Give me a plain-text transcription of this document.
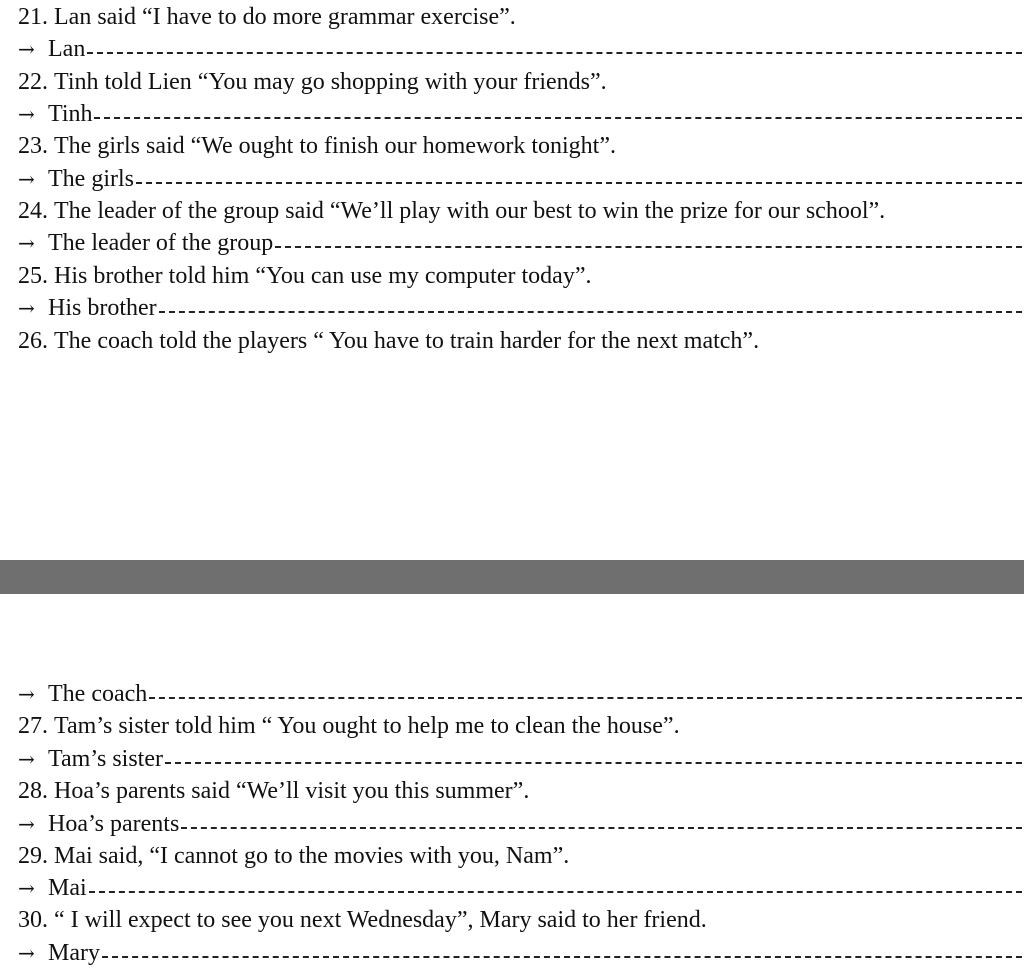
21. Lan said “I have to do more grammar exercise”.
→ Lan
22. Tinh told Lien “You may go shopping with your friends”.
→ Tinh
23. The girls said “We ought to finish our homework tonight”.
→ The girls
24. The leader of the group said “We’ll play with our best to win the prize for our school”.
→ The leader of the group
25. His brother told him “You can use my computer today”.
→ His brother
26. The coach told the players “ You have to train harder for the next match”.
→ The coach
27. Tam’s sister told him “ You ought to help me to clean the house”.
→ Tam’s sister
28. Hoa’s parents said “We’ll visit you this summer”.
→ Hoa’s parents
29. Mai said, “I cannot go to the movies with you, Nam”.
→ Mai
30. “ I will expect to see you next Wednesday”, Mary said to her friend.
→ Mary
